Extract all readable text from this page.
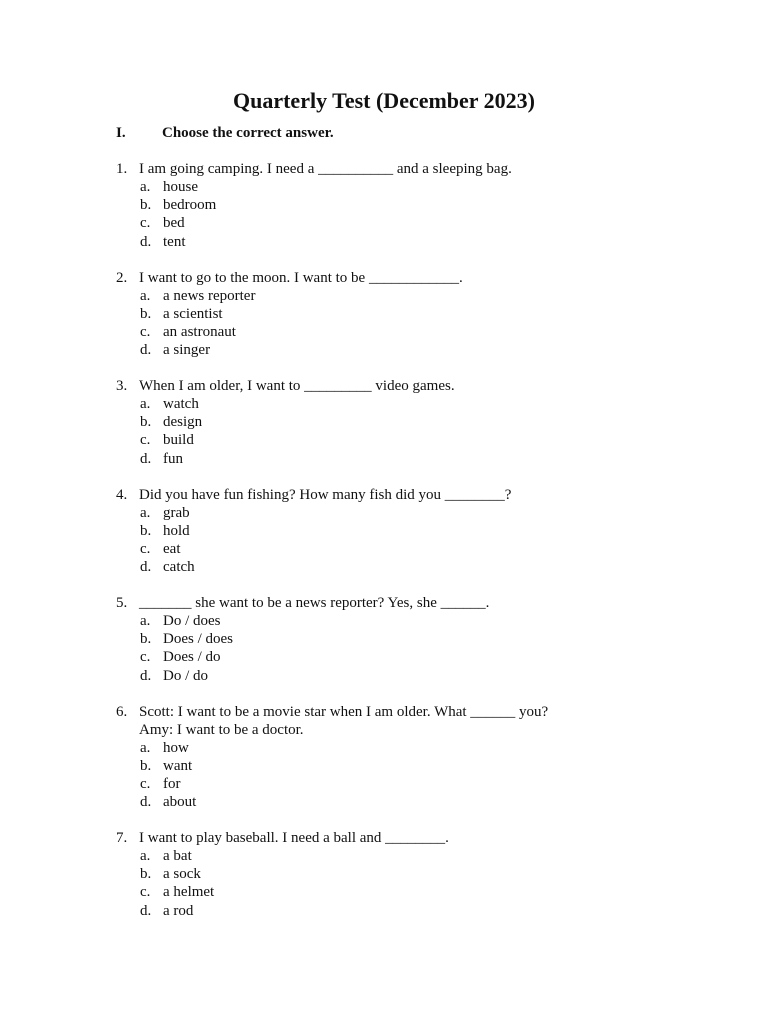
Quarterly Test (December 2023)
I. Choose the correct answer.
1. I am going camping. I need a __________ and a sleeping bag.
a. house
b. bedroom
c. bed
d. tent
2. I want to go to the moon. I want to be ____________.
a. a news reporter
b. a scientist
c. an astronaut
d. a singer
3. When I am older, I want to _________ video games.
a. watch
b. design
c. build
d. fun
4. Did you have fun fishing? How many fish did you ________?
a. grab
b. hold
c. eat
d. catch
5. _______ she want to be a news reporter? Yes, she ______.
a. Do / does
b. Does / does
c. Does / do
d. Do / do
6. Scott: I want to be a movie star when I am older. What ______ you?
Amy: I want to be a doctor.
a. how
b. want
c. for
d. about
7. I want to play baseball. I need a ball and ________.
a. a bat
b. a sock
c. a helmet
d. a rod
